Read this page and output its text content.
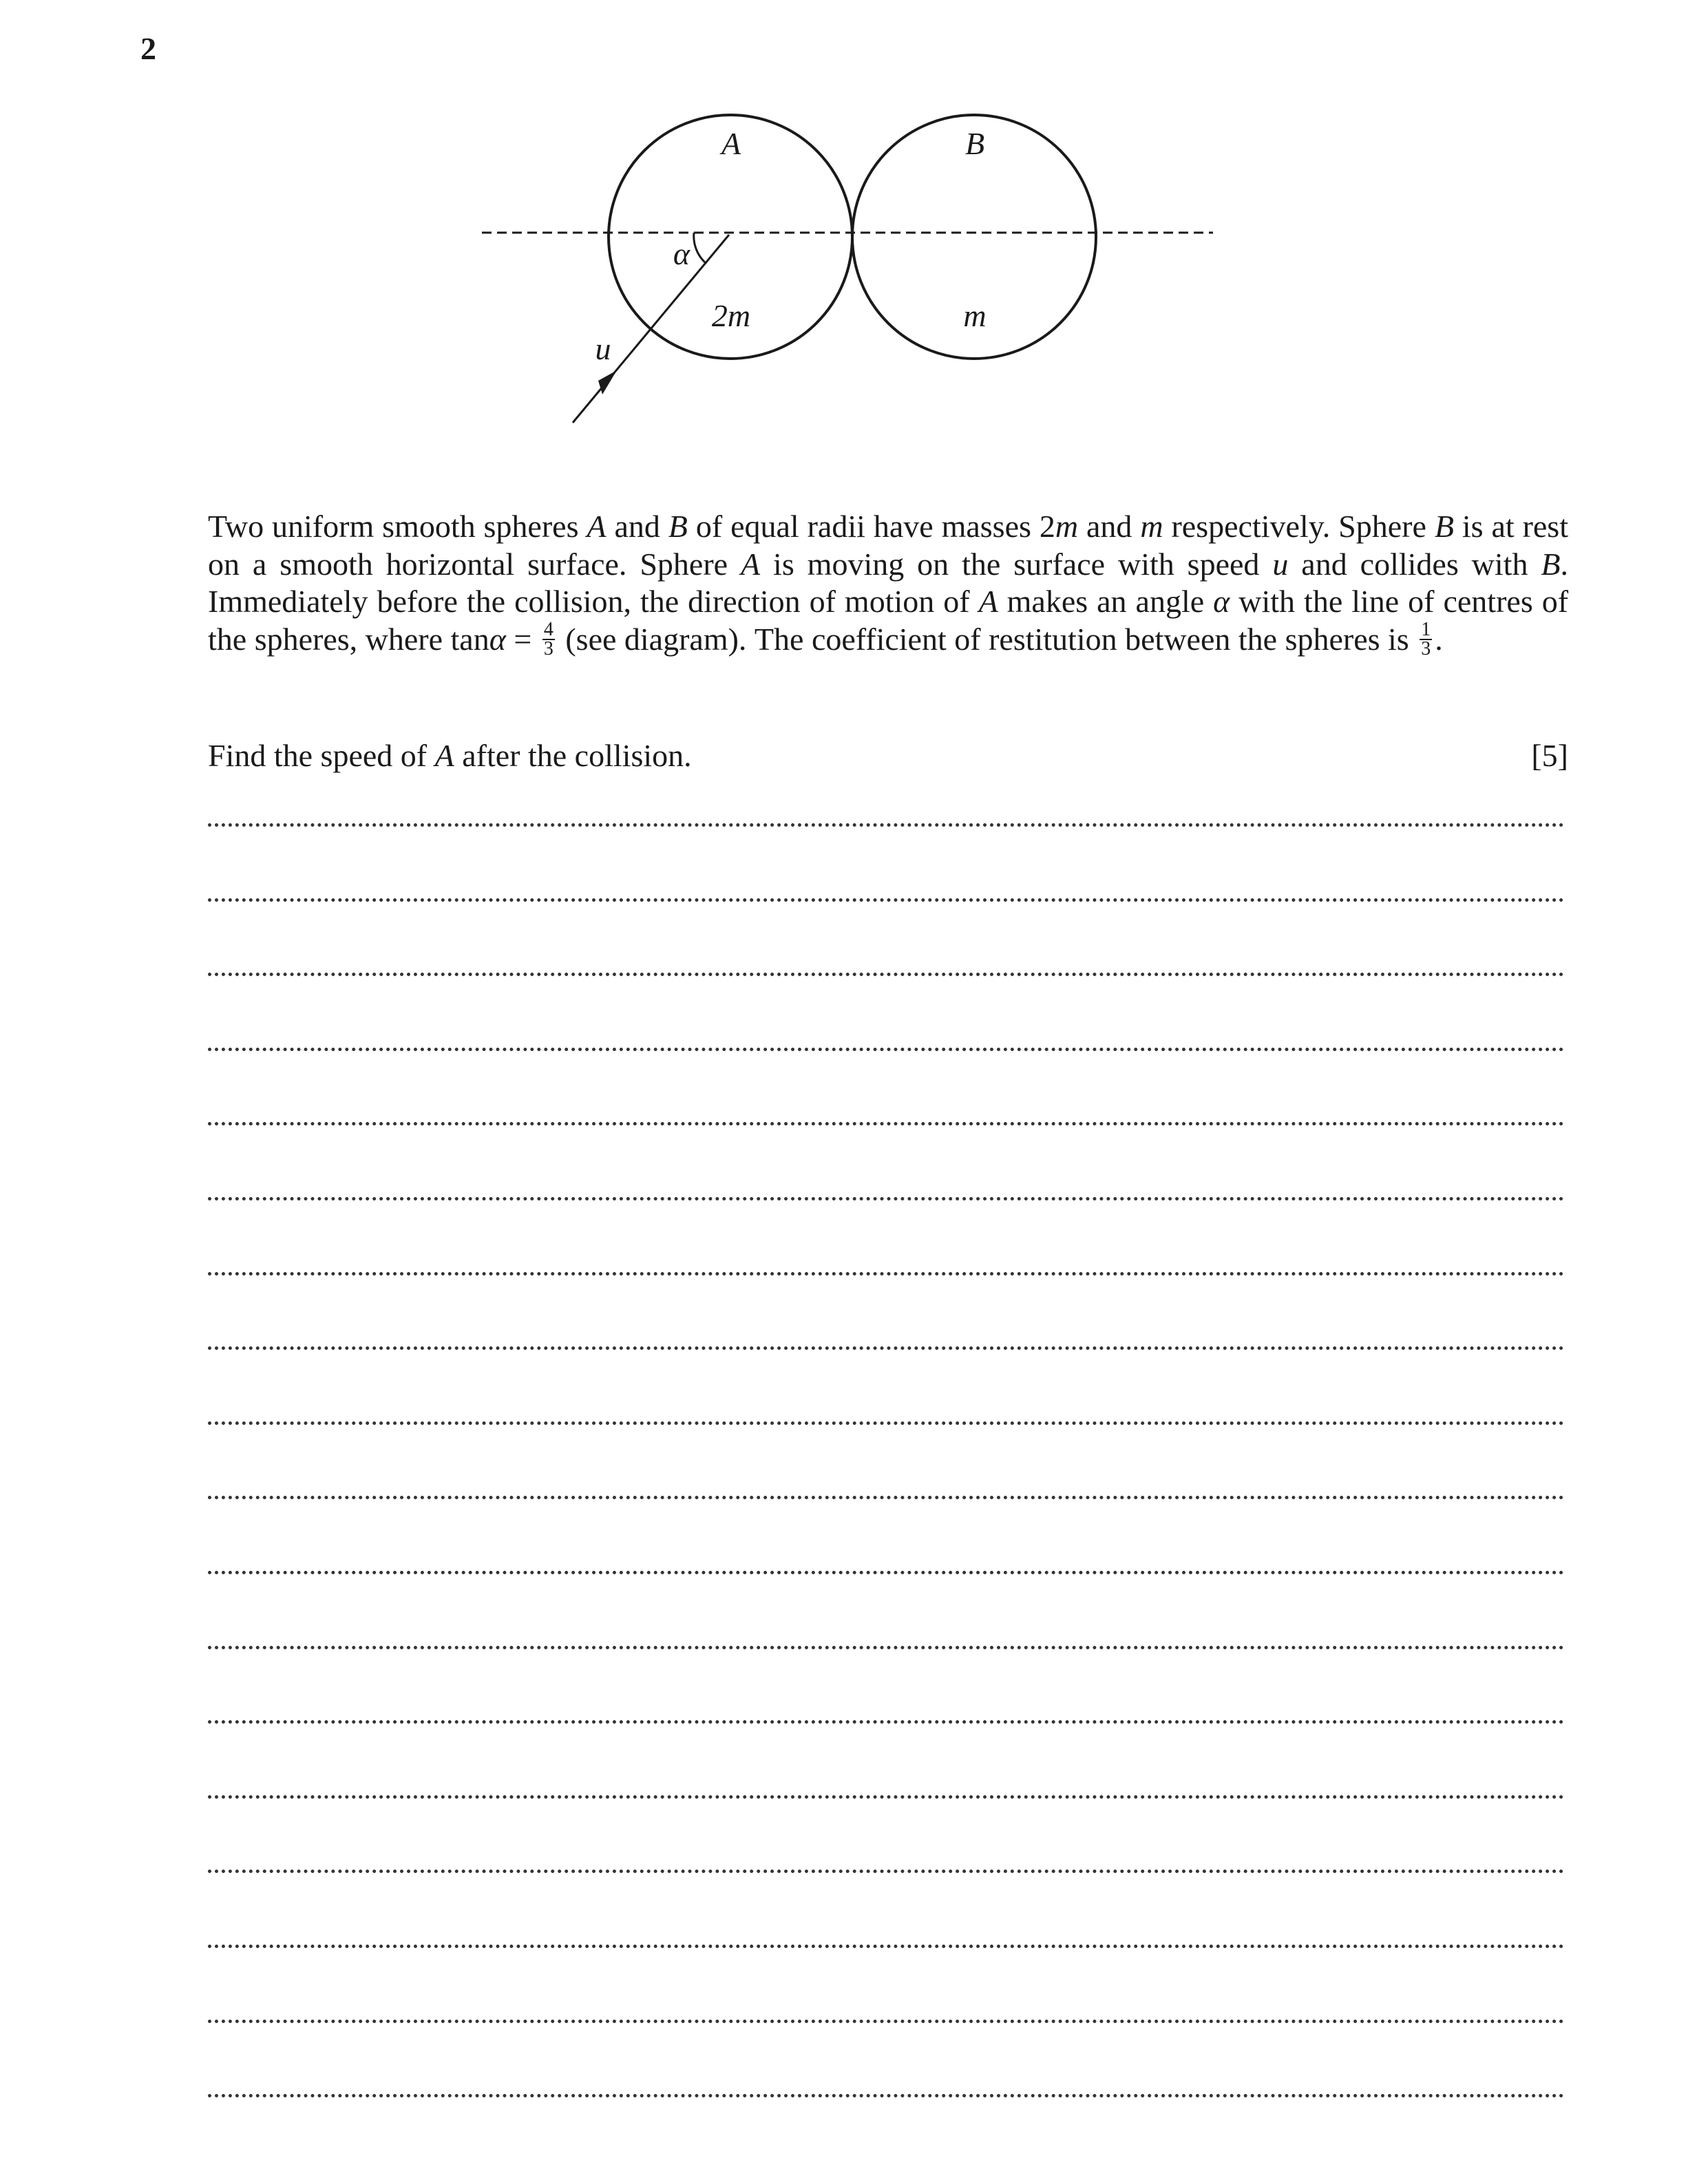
2
A	B
α
2m	m
u
Two uniform smooth spheres A and B of equal radii have masses 2m and m respectively. Sphere B is at rest on a smooth horizontal surface. Sphere A is moving on the surface with speed u and collides with B. Immediately before the collision, the direction of motion of A makes an angle α with the line of centres of the spheres, where $\tan\alpha = \frac{4}{3} (see$ diagram). The coefficient of restitution between the spheres is $\frac{1}{3}$ .
Find the speed of A after the collision.	[5]
